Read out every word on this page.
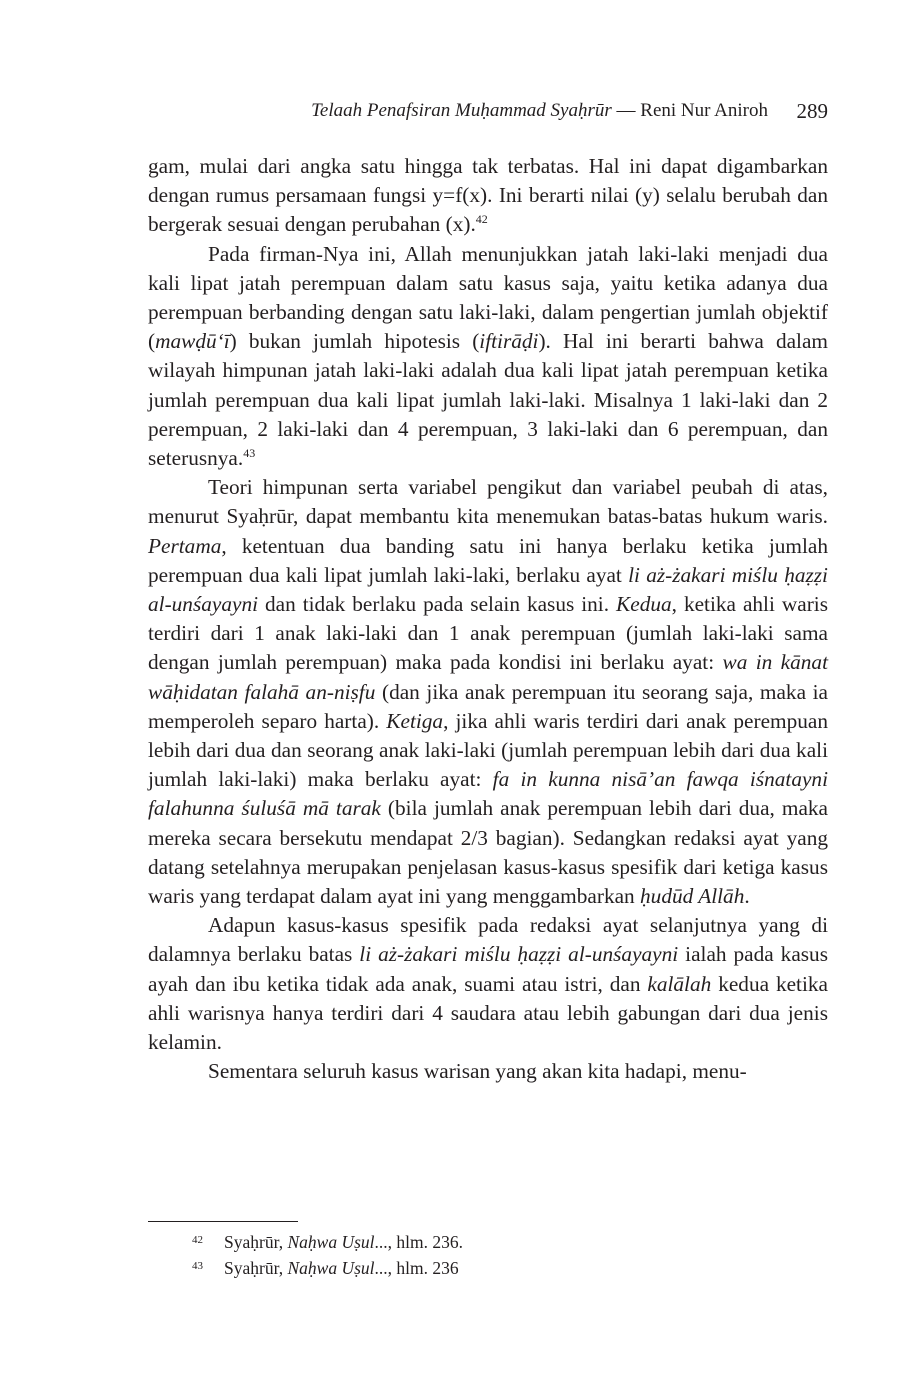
Telaah Penafsiran Muḥammad Syaḥrūr — Reni Nur Aniroh 289

gam, mulai dari angka satu hingga tak terbatas. Hal ini dapat digambarkan dengan rumus persamaan fungsi y=f(x). Ini berarti nilai (y) selalu berubah dan bergerak sesuai dengan perubahan (x).$^{42}$

Pada firman-Nya ini, Allah menunjukkan jatah laki-laki menjadi dua kali lipat jatah perempuan dalam satu kasus saja, yaitu ketika adanya dua perempuan berbanding dengan satu laki-laki, dalam pengertian jumlah objektif (mawḍū‘ī) bukan jumlah hipotesis (iftirāḍi). Hal ini berarti bahwa dalam wilayah himpunan jatah laki-laki adalah dua kali lipat jatah perempuan ketika jumlah perempuan dua kali lipat jumlah laki-laki. Misalnya 1 laki-laki dan 2 perempuan, 2 laki-laki dan 4 perempuan, 3 laki-laki dan 6 perempuan, dan seterusnya.$^{43}$

Teori himpunan serta variabel pengikut dan variabel peubah di atas, menurut Syaḥrūr, dapat membantu kita menemukan batas-batas hukum waris. Pertama, ketentuan dua banding satu ini hanya berlaku ketika jumlah perempuan dua kali lipat jumlah laki-laki, berlaku ayat li aż-żakari miślu ḥaẓẓi al-unśayayni dan tidak berlaku pada selain kasus ini. Kedua, ketika ahli waris terdiri dari 1 anak laki-laki dan 1 anak perempuan (jumlah laki-laki sama dengan jumlah perempuan) maka pada kondisi ini berlaku ayat: wa in kānat wāḥidatan falahā an-niṣfu (dan jika anak perempuan itu seorang saja, maka ia memperoleh separo harta). Ketiga, jika ahli waris terdiri dari anak perempuan lebih dari dua dan seorang anak laki-laki (jumlah perempuan lebih dari dua kali jumlah laki-laki) maka berlaku ayat: fa in kunna nisā’an fawqa iśnatayni falahunna śuluśā mā tarak (bila jumlah anak perempuan lebih dari dua, maka mereka secara bersekutu mendapat 2/3 bagian). Sedangkan redaksi ayat yang datang setelahnya merupakan penjelasan kasus-kasus spesifik dari ketiga kasus waris yang terdapat dalam ayat ini yang menggambarkan ḥudūd Allāh.

Adapun kasus-kasus spesifik pada redaksi ayat selanjutnya yang di dalamnya berlaku batas li aż-żakari miślu ḥaẓẓi al-unśayayni ialah pada kasus ayah dan ibu ketika tidak ada anak, suami atau istri, dan kalālah kedua ketika ahli warisnya hanya terdiri dari 4 saudara atau lebih gabungan dari dua jenis kelamin.

Sementara seluruh kasus warisan yang akan kita hadapi, menu-

42 Syaḥrūr, Naḥwa Uṣul..., hlm. 236.
43 Syaḥrūr, Naḥwa Uṣul..., hlm. 236
